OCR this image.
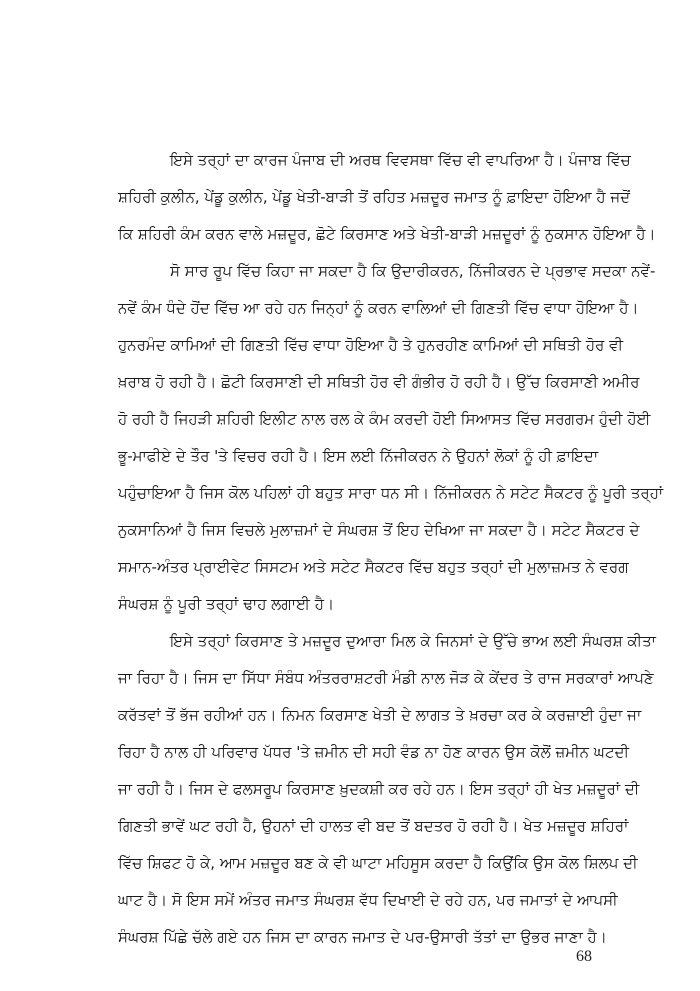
ਇਸੇ ਤਰ੍ਹਾਂ ਦਾ ਕਾਰਜ ਪੰਜਾਬ ਦੀ ਅਰਥ ਵਿਵਸਥਾ ਵਿੱਚ ਵੀ ਵਾਪਰਿਆ ਹੈ। ਪੰਜਾਬ ਵਿੱਚ
ਸ਼ਹਿਰੀ ਕੁਲੀਨ, ਪੇਂਡੂ ਕੁਲੀਨ, ਪੇਂਡੂ ਖੇਤੀ-ਬਾੜੀ ਤੋਂ ਰਹਿਤ ਮਜ਼ਦੂਰ ਜਮਾਤ ਨੂੰ ਫ਼ਾਇਦਾ ਹੋਇਆ ਹੈ ਜਦੋਂ
ਕਿ ਸ਼ਹਿਰੀ ਕੰਮ ਕਰਨ ਵਾਲੇ ਮਜ਼ਦੂਰ, ਛੋਟੇ ਕਿਰਸਾਣ ਅਤੇ ਖੇਤੀ-ਬਾੜੀ ਮਜ਼ਦੂਰਾਂ ਨੂੰ ਨੁਕਸਾਨ ਹੋਇਆ ਹੈ।
ਸੋ ਸਾਰ ਰੂਪ ਵਿੱਚ ਕਿਹਾ ਜਾ ਸਕਦਾ ਹੈ ਕਿ ਉਦਾਰੀਕਰਨ, ਨਿੱਜੀਕਰਨ ਦੇ ਪ੍ਰਭਾਵ ਸਦਕਾ ਨਵੇਂ-
ਨਵੇਂ ਕੰਮ ਧੰਦੇ ਹੋਂਦ ਵਿੱਚ ਆ ਰਹੇ ਹਨ ਜਿਨ੍ਹਾਂ ਨੂੰ ਕਰਨ ਵਾਲਿਆਂ ਦੀ ਗਿਣਤੀ ਵਿੱਚ ਵਾਧਾ ਹੋਇਆ ਹੈ।
ਹੁਨਰਮੰਦ ਕਾਮਿਆਂ ਦੀ ਗਿਣਤੀ ਵਿੱਚ ਵਾਧਾ ਹੋਇਆ ਹੈ ਤੇ ਹੁਨਰਹੀਣ ਕਾਮਿਆਂ ਦੀ ਸਥਿਤੀ ਹੋਰ ਵੀ
ਖ਼ਰਾਬ ਹੋ ਰਹੀ ਹੈ। ਛੋਟੀ ਕਿਰਸਾਣੀ ਦੀ ਸਥਿਤੀ ਹੋਰ ਵੀ ਗੰਭੀਰ ਹੋ ਰਹੀ ਹੈ। ਉੱਚ ਕਿਰਸਾਣੀ ਅਮੀਰ
ਹੋ ਰਹੀ ਹੈ ਜਿਹੜੀ ਸ਼ਹਿਰੀ ਇਲੀਟ ਨਾਲ ਰਲ ਕੇ ਕੰਮ ਕਰਦੀ ਹੋਈ ਸਿਆਸਤ ਵਿੱਚ ਸਰਗਰਮ ਹੁੰਦੀ ਹੋਈ
ਭੂ-ਮਾਫੀਏ ਦੇ ਤੌਰ 'ਤੇ ਵਿਚਰ ਰਹੀ ਹੈ। ਇਸ ਲਈ ਨਿੱਜੀਕਰਨ ਨੇ ਉਹਨਾਂ ਲੋਕਾਂ ਨੂੰ ਹੀ ਫ਼ਾਇਦਾ
ਪਹੁੰਚਾਇਆ ਹੈ ਜਿਸ ਕੋਲ ਪਹਿਲਾਂ ਹੀ ਬਹੁਤ ਸਾਰਾ ਧਨ ਸੀ। ਨਿੱਜੀਕਰਨ ਨੇ ਸਟੇਟ ਸੈਕਟਰ ਨੂੰ ਪੂਰੀ ਤਰ੍ਹਾਂ
ਨੁਕਸਾਨਿਆਂ ਹੈ ਜਿਸ ਵਿਚਲੇ ਮੁਲਾਜ਼ਮਾਂ ਦੇ ਸੰਘਰਸ਼ ਤੋਂ ਇਹ ਦੇਖਿਆ ਜਾ ਸਕਦਾ ਹੈ। ਸਟੇਟ ਸੈਕਟਰ ਦੇ
ਸਮਾਨ-ਅੰਤਰ ਪ੍ਰਾਈਵੇਟ ਸਿਸਟਮ ਅਤੇ ਸਟੇਟ ਸੈਕਟਰ ਵਿੱਚ ਬਹੁਤ ਤਰ੍ਹਾਂ ਦੀ ਮੁਲਾਜ਼ਮਤ ਨੇ ਵਰਗ
ਸੰਘਰਸ਼ ਨੂੰ ਪੂਰੀ ਤਰ੍ਹਾਂ ਢਾਹ ਲਗਾਈ ਹੈ।
ਇਸੇ ਤਰ੍ਹਾਂ ਕਿਰਸਾਣ ਤੇ ਮਜ਼ਦੂਰ ਦੁਆਰਾ ਮਿਲ ਕੇ ਜਿਨਸਾਂ ਦੇ ਉੱਚੇ ਭਾਅ ਲਈ ਸੰਘਰਸ਼ ਕੀਤਾ
ਜਾ ਰਿਹਾ ਹੈ। ਜਿਸ ਦਾ ਸਿੱਧਾ ਸੰਬੰਧ ਅੰਤਰਰਾਸ਼ਟਰੀ ਮੰਡੀ ਨਾਲ ਜੋੜ ਕੇ ਕੇਂਦਰ ਤੇ ਰਾਜ ਸਰਕਾਰਾਂ ਆਪਣੇ
ਕਰੱਤਵਾਂ ਤੋਂ ਭੱਜ ਰਹੀਆਂ ਹਨ। ਨਿਮਨ ਕਿਰਸਾਣ ਖੇਤੀ ਦੇ ਲਾਗਤ ਤੇ ਖ਼ਰਚਾ ਕਰ ਕੇ ਕਰਜ਼ਾਈ ਹੁੰਦਾ ਜਾ
ਰਿਹਾ ਹੈ ਨਾਲ ਹੀ ਪਰਿਵਾਰ ਪੱਧਰ 'ਤੇ ਜ਼ਮੀਨ ਦੀ ਸਹੀ ਵੰਡ ਨਾ ਹੋਣ ਕਾਰਨ ਉਸ ਕੋਲੋਂ ਜ਼ਮੀਨ ਘਟਦੀ
ਜਾ ਰਹੀ ਹੈ। ਜਿਸ ਦੇ ਫਲਸਰੂਪ ਕਿਰਸਾਣ ਖ਼ੁਦਕਸ਼ੀ ਕਰ ਰਹੇ ਹਨ। ਇਸ ਤਰ੍ਹਾਂ ਹੀ ਖੇਤ ਮਜ਼ਦੂਰਾਂ ਦੀ
ਗਿਣਤੀ ਭਾਵੇਂ ਘਟ ਰਹੀ ਹੈ, ਉਹਨਾਂ ਦੀ ਹਾਲਤ ਵੀ ਬਦ ਤੋਂ ਬਦਤਰ ਹੋ ਰਹੀ ਹੈ। ਖੇਤ ਮਜ਼ਦੂਰ ਸ਼ਹਿਰਾਂ
ਵਿੱਚ ਸ਼ਿਫਟ ਹੋ ਕੇ, ਆਮ ਮਜ਼ਦੂਰ ਬਣ ਕੇ ਵੀ ਘਾਟਾ ਮਹਿਸੂਸ ਕਰਦਾ ਹੈ ਕਿਉਂਕਿ ਉਸ ਕੋਲ ਸ਼ਿਲਪ ਦੀ
ਘਾਟ ਹੈ। ਸੋ ਇਸ ਸਮੇਂ ਅੰਤਰ ਜਮਾਤ ਸੰਘਰਸ਼ ਵੱਧ ਦਿਖਾਈ ਦੇ ਰਹੇ ਹਨ, ਪਰ ਜਮਾਤਾਂ ਦੇ ਆਪਸੀ
ਸੰਘਰਸ਼ ਪਿੱਛੇ ਚੱਲੇ ਗਏ ਹਨ ਜਿਸ ਦਾ ਕਾਰਨ ਜਮਾਤ ਦੇ ਪਰ-ਉਸਾਰੀ ਤੱਤਾਂ ਦਾ ਉਭਰ ਜਾਣਾ ਹੈ।
68
